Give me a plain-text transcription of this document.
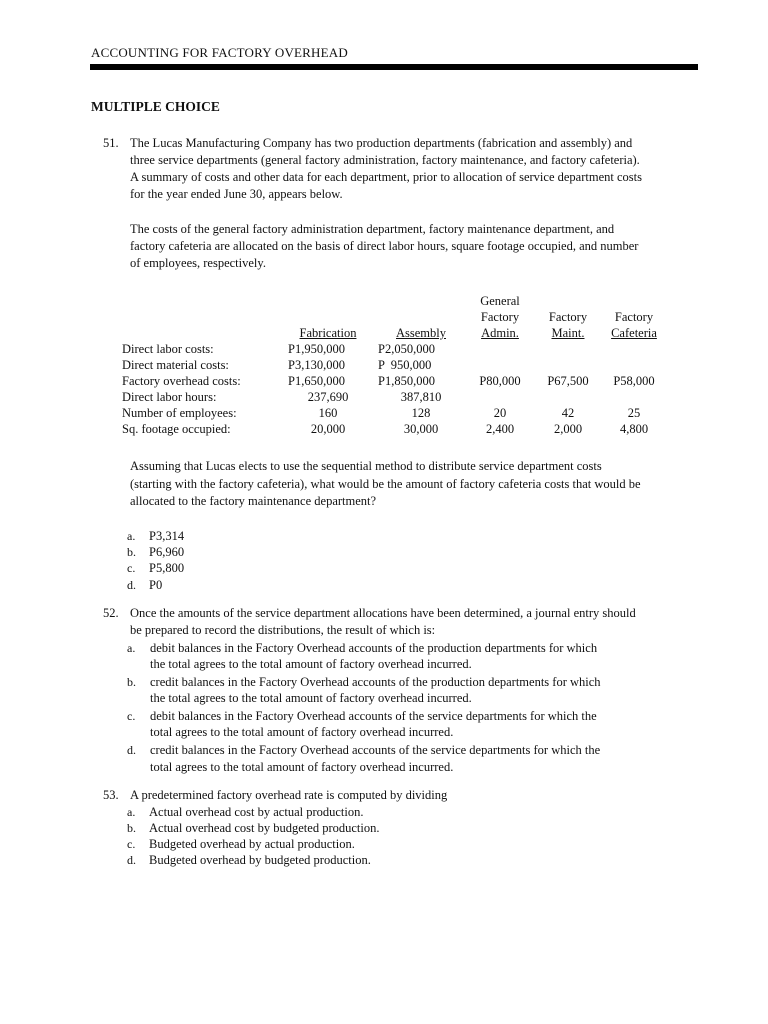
ACCOUNTING FOR FACTORY OVERHEAD
MULTIPLE CHOICE
51. The Lucas Manufacturing Company has two production departments (fabrication and assembly) and
three service departments (general factory administration, factory maintenance, and factory cafeteria).
A summary of costs and other data for each department, prior to allocation of service department costs
for the year ended June 30, appears below.
The costs of the general factory administration department, factory maintenance department, and
factory cafeteria are allocated on the basis of direct labor hours, square footage occupied, and number
of employees, respectively.
			General		
			Factory	Factory	Factory
	Fabrication	Assembly	Admin.	Maint.	Cafeteria
Direct labor costs:	P1,950,000	P2,050,000			
Direct material costs:	P3,130,000	P  950,000			
Factory overhead costs:	P1,650,000	P1,850,000	P80,000	P67,500	P58,000
Direct labor hours:	237,690	387,810			
Number of employees:	160	128	20	42	25
Sq. footage occupied:	20,000	30,000	2,400	2,000	4,800
Assuming that Lucas elects to use the sequential method to distribute service department costs
(starting with the factory cafeteria), what would be the amount of factory cafeteria costs that would be
allocated to the factory maintenance department?
a. P3,314
b. P6,960
c. P5,800
d. P0
52. Once the amounts of the service department allocations have been determined, a journal entry should
be prepared to record the distributions, the result of which is:
a. debit balances in the Factory Overhead accounts of the production departments for which
the total agrees to the total amount of factory overhead incurred.
b. credit balances in the Factory Overhead accounts of the production departments for which
the total agrees to the total amount of factory overhead incurred.
c. debit balances in the Factory Overhead accounts of the service departments for which the
total agrees to the total amount of factory overhead incurred.
d. credit balances in the Factory Overhead accounts of the service departments for which the
total agrees to the total amount of factory overhead incurred.
53. A predetermined factory overhead rate is computed by dividing
a. Actual overhead cost by actual production.
b. Actual overhead cost by budgeted production.
c. Budgeted overhead by actual production.
d. Budgeted overhead by budgeted production.
